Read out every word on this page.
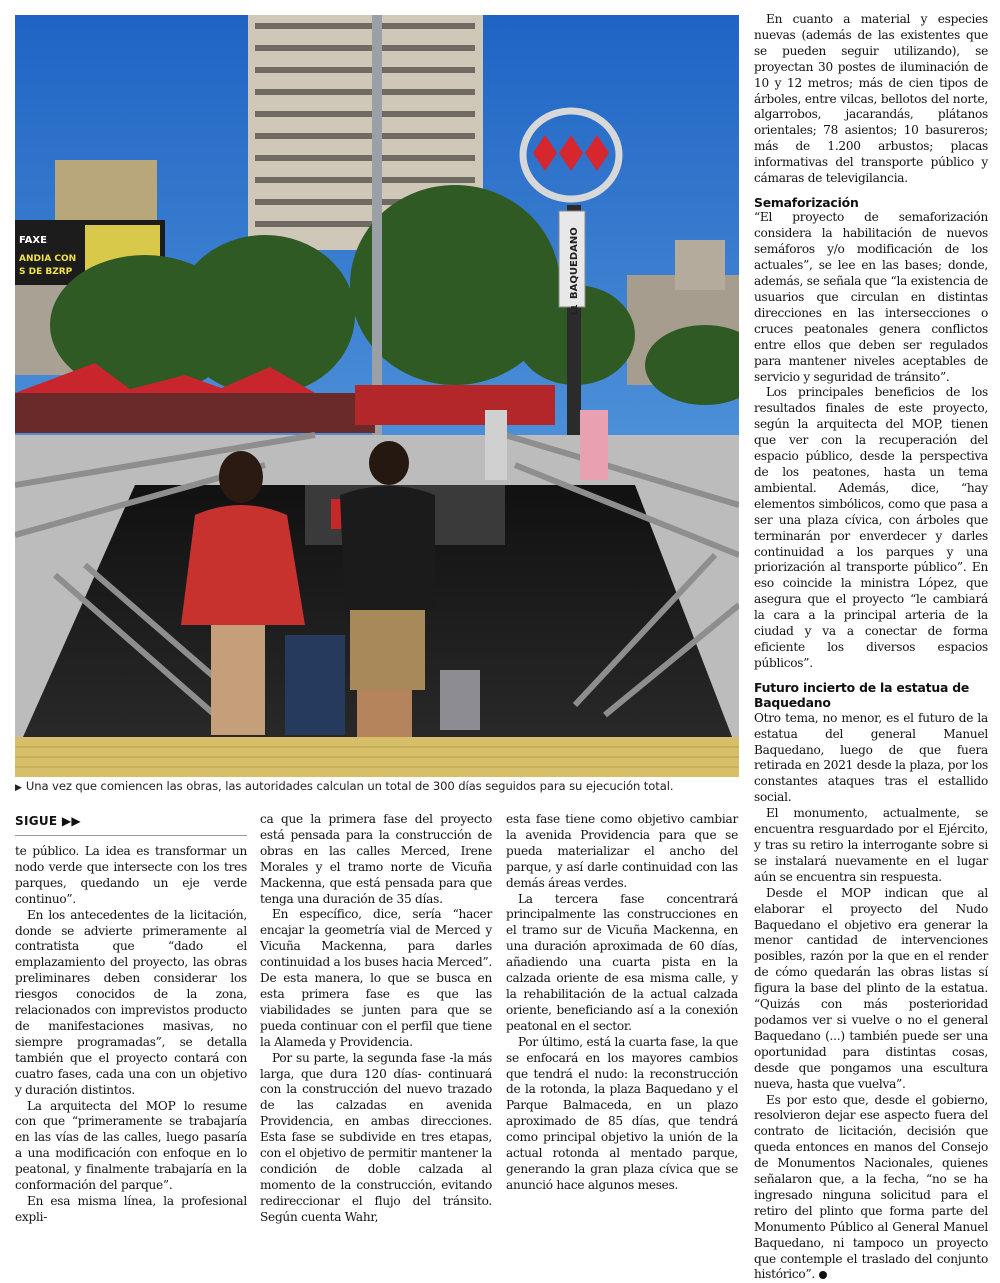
FAXE
ANDIA CON
S DE BZRP	BAQUEDANO
L1
▶ Una vez que comiencen las obras, las autoridades calculan un total de 300 días seguidos para su ejecución total.
SIGUE ▶▶

te público. La idea es transformar un nodo verde que intersecte con los tres parques, quedando un eje verde continuo”.

En los antecedentes de la licitación, donde se advierte primeramente al contratista que “dado el emplazamiento del proyecto, las obras preliminares deben considerar los riesgos conocidos de la zona, relacionados con imprevistos producto de manifestaciones masivas, no siempre programadas”, se detalla también que el proyecto contará con cuatro fases, cada una con un objetivo y duración distintos.

La arquitecta del MOP lo resume con que “primeramente se trabajaría en las vías de las calles, luego pasaría a una modificación con enfoque en lo peatonal, y finalmente trabajaría en la conformación del parque”.

En esa misma línea, la profesional expli-

ca que la primera fase del proyecto está pensada para la construcción de obras en las calles Merced, Irene Morales y el tramo norte de Vicuña Mackenna, que está pensada para que tenga una duración de 35 días.

En específico, dice, sería “hacer encajar la geometría vial de Merced y Vicuña Mackenna, para darles continuidad a los buses hacia Merced”. De esta manera, lo que se busca en esta primera fase es que las viabilidades se junten para que se pueda continuar con el perfil que tiene la Alameda y Providencia.

Por su parte, la segunda fase -la más larga, que dura 120 días- continuará con la construcción del nuevo trazado de las calzadas en avenida Providencia, en ambas direcciones. Esta fase se subdivide en tres etapas, con el objetivo de permitir mantener la condición de doble calzada al momento de la construcción, evitando redireccionar el flujo del tránsito. Según cuenta Wahr,

esta fase tiene como objetivo cambiar la avenida Providencia para que se pueda materializar el ancho del parque, y así darle continuidad con las demás áreas verdes.

La tercera fase concentrará principalmente las construcciones en el tramo sur de Vicuña Mackenna, en una duración aproximada de 60 días, añadiendo una cuarta pista en la calzada oriente de esa misma calle, y la rehabilitación de la actual calzada oriente, beneficiando así a la conexión peatonal en el sector.

Por último, está la cuarta fase, la que se enfocará en los mayores cambios que tendrá el nudo: la reconstrucción de la rotonda, la plaza Baquedano y el Parque Balmaceda, en un plazo aproximado de 85 días, que tendrá como principal objetivo la unión de la actual rotonda al mentado parque, generando la gran plaza cívica que se anunció hace algunos meses.

En cuanto a material y especies nuevas (además de las existentes que se pueden seguir utilizando), se proyectan 30 postes de iluminación de 10 y 12 metros; más de cien tipos de árboles, entre vilcas, bellotos del norte, algarrobos, jacarandás, plátanos orientales; 78 asientos; 10 basureros; más de 1.200 arbustos; placas informativas del transporte público y cámaras de televigilancia.

Semaforización

“El proyecto de semaforización considera la habilitación de nuevos semáforos y/o modificación de los actuales”, se lee en las bases; donde, además, se señala que “la existencia de usuarios que circulan en distintas direcciones en las intersecciones o cruces peatonales genera conflictos entre ellos que deben ser regulados para mantener niveles aceptables de servicio y seguridad de tránsito”.

Los principales beneficios de los resultados finales de este proyecto, según la arquitecta del MOP, tienen que ver con la recuperación del espacio público, desde la perspectiva de los peatones, hasta un tema ambiental. Además, dice, “hay elementos simbólicos, como que pasa a ser una plaza cívica, con árboles que terminarán por enverdecer y darles continuidad a los parques y una priorización al transporte público”. En eso coincide la ministra López, que asegura que el proyecto “le cambiará la cara a la principal arteria de la ciudad y va a conectar de forma eficiente los diversos espacios públicos”.

Futuro incierto de la estatua de Baquedano

Otro tema, no menor, es el futuro de la estatua del general Manuel Baquedano, luego de que fuera retirada en 2021 desde la plaza, por los constantes ataques tras el estallido social.

El monumento, actualmente, se encuentra resguardado por el Ejército, y tras su retiro la interrogante sobre si se instalará nuevamente en el lugar aún se encuentra sin respuesta.

Desde el MOP indican que al elaborar el proyecto del Nudo Baquedano el objetivo era generar la menor cantidad de intervenciones posibles, razón por la que en el render de cómo quedarán las obras listas sí figura la base del plinto de la estatua. “Quizás con más posterioridad podamos ver si vuelve o no el general Baquedano (...) también puede ser una oportunidad para distintas cosas, desde que pongamos una escultura nueva, hasta que vuelva”.

Es por esto que, desde el gobierno, resolvieron dejar ese aspecto fuera del contrato de licitación, decisión que queda entonces en manos del Consejo de Monumentos Nacionales, quienes señalaron que, a la fecha, “no se ha ingresado ninguna solicitud para el retiro del plinto que forma parte del Monumento Público al General Manuel Baquedano, ni tampoco un proyecto que contemple el traslado del conjunto histórico”.
